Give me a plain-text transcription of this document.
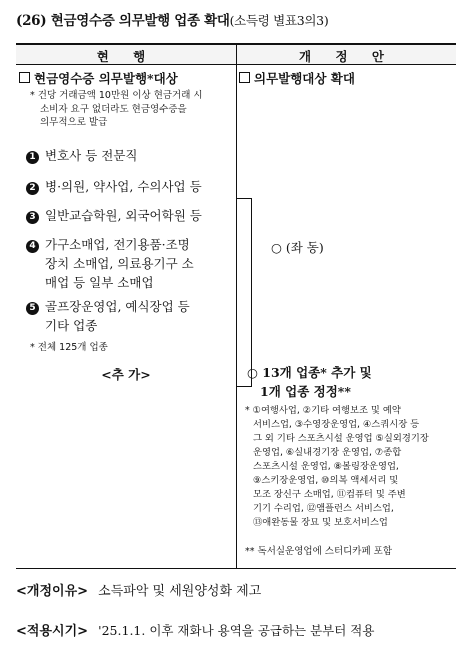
(26) 현금영수증 의무발행 업종 확대(소득령 별표3의3)
현 행	개 정 안
현금영수증 의무발행*대상
* 건당 거래금액 10만원 이상 현금거래 시
소비자 요구 없더라도 현금영수증을
의무적으로 발급
1 변호사 등 전문직
2 병·의원, 약사업, 수의사업 등
3 일반교습학원, 외국어학원 등
4 가구소매업, 전기용품·조명
장치 소매업, 의료용기구 소
매업 등 일부 소매업
5 골프장운영업, 예식장업 등
기타 업종
* 전체 125개 업종
<추 가>
의무발행대상 확대
○ (좌 동)
○ 13개 업종* 추가 및
1개 업종 정정**
* ①여행사업, ②기타 여행보조 및 예약
서비스업, ③수영장운영업, ④스쿼시장 등
그 외 기타 스포츠시설 운영업 ⑤실외경기장
운영업, ⑥실내경기장 운영업, ⑦종합
스포츠시설 운영업, ⑧볼링장운영업,
⑨스키장운영업, ⑩의복 액세서리 및
모조 장신구 소매업, ⑪컴퓨터 및 주변
기기 수리업, ⑫앰플런스 서비스업,
⑬애완동물 장묘 및 보호서비스업
** 독서실운영업에 스터디카페 포함
<개정이유> 소득파악 및 세원양성화 제고
<적용시기> '25.1.1. 이후 재화나 용역을 공급하는 분부터 적용
